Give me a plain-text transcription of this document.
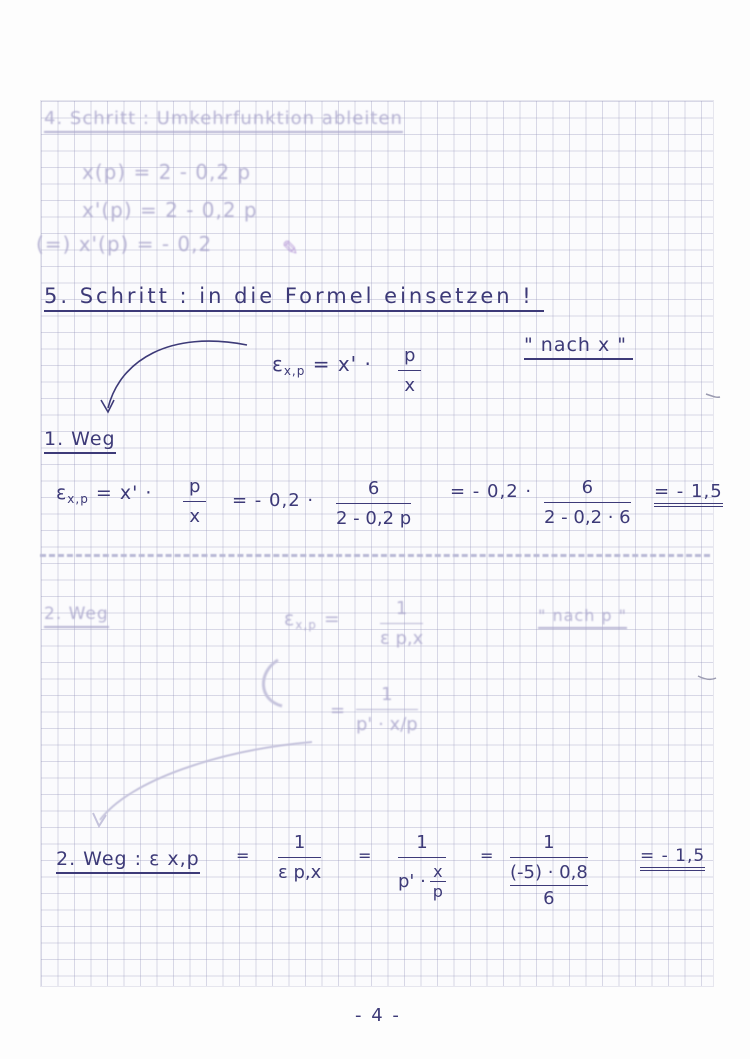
4. Schritt : Umkehrfunktion ableiten
x(p) = 2 - 0,2 p
x'(p) = 2 - 0,2 p
(=) x'(p) = - 0,2	✎
5. Schritt : in die Formel einsetzen !
$\varepsilon_{x,p} = x'$ ·	p
x
" nach x "
1. Weg
$\varepsilon_{x,p} = x'$ ·	p
x
= - 0,2 ·
6
2 - 0,2 p
= - 0,2 ·	6
2 - 0,2 · 6
= - 1,5
2. Weg	$\varepsilon_{x,p}$ =	1
ε p,x
" nach p "
=
1
p' · x/p
2. Weg : ε x,p =
1
ε p,x
=
1
p' · x
p
=
1
(-5) · 0,8
6
= - 1,5
- 4 -
